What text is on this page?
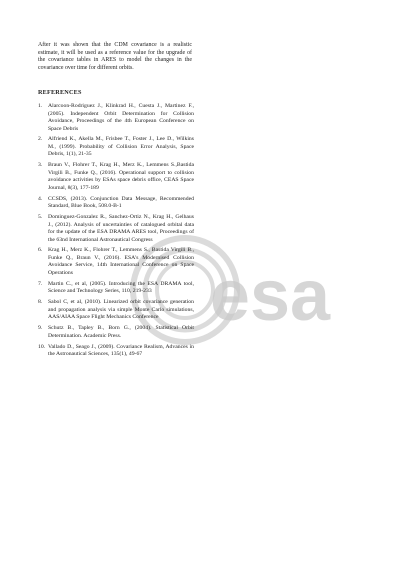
esa

After it was shown that the CDM covariance is a realistic estimate, it will be used as a reference value for the upgrade of the covariance tables in ARES to model the changes in the covariance over time for different orbits.

REFERENCES
1.	Alarcoon-Rodriguez J., Klinkrad H., Cuesta J., Martinez F., (2005). Independent Orbit Determination for Collision Avoidance, Proceedings of the 4th European Conference on Space Debris
2.	Alfriend K., Akella M., Frisbee T., Foster J., Lee D., Wilkins M., (1999). Probability of Collision Error Analysis, Space Debris, 1(1), 21-35
3.	Braun V., Flohrer T., Krag H., Merz K., Lemmens S.,Bastida Virgili B., Funke Q., (2016). Operational support to collision avoidance activities by ESAs space debris office, CEAS Space Journal, 8(3), 177-189
4.	CCSDS, (2013). Conjunction Data Message, Recommended Standard, Blue Book, 508.0-B-1
5.	Dominguez-Gonzalez R., Sanchez-Ortiz N., Krag H., Gelhaus J., (2012). Analysis of uncertainties of catalogued orbital data for the update of the ESA DRAMA ARES tool, Proceedings of the 63nd International Astronautical Congress
6.	Krag H., Merz K., Flohrer T., Lemmens S., Bastida Virgili B., Funke Q., Braun V., (2016). ESA's Modernised Collision Avoidance Service, 14th International Conference on Space Operations
7.	Martin C., et al, (2005). Introducing the ESA DRAMA tool, Science and Technology Series, 110, 219-233
8.	Sabol C, et al, (2010). Linearized orbit covariance generation and propagation analysis via simple Monte Carlo simulations, AAS/AIAA Space Flight Mechanics Conference
9.	Schutz B., Tapley B., Born G., (2004). Statistical Orbit Determination. Academic Press.
10. Vallado D., Seago J., (2009). Covariance Realism, Advances in the Astronautical Sciences, 135(1), 49-67
